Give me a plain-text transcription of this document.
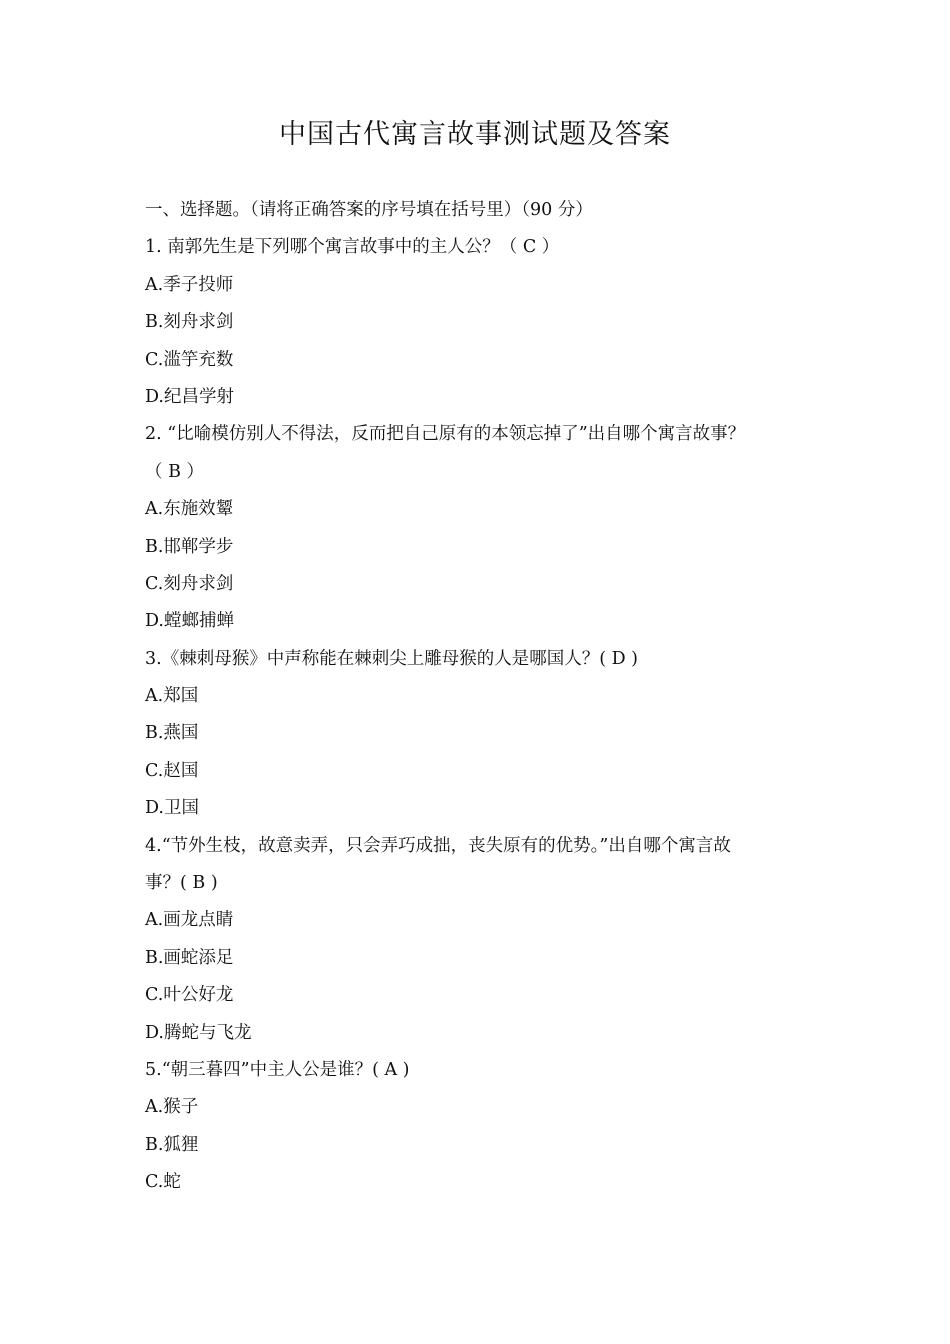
中国古代寓言故事测试题及答案
一、选择题。（请将正确答案的序号填在括号里）（90 分）
1. 南郭先生是下列哪个寓言故事中的主人公？（ C ）
A.季子投师
B.刻舟求剑
C.滥竽充数
D.纪昌学射
2. “比喻模仿别人不得法，反而把自己原有的本领忘掉了”出自哪个寓言故事？
（ B ）
A.东施效颦
B.邯郸学步
C.刻舟求剑
D.螳螂捕蝉
3.《棘刺母猴》中声称能在棘刺尖上雕母猴的人是哪国人？( D )
A.郑国
B.燕国
C.赵国
D.卫国
4.“节外生枝，故意卖弄，只会弄巧成拙，丧失原有的优势。”出自哪个寓言故
事？( B )
A.画龙点睛
B.画蛇添足
C.叶公好龙
D.腾蛇与飞龙
5.“朝三暮四”中主人公是谁？( A )
A.猴子
B.狐狸
C.蛇
